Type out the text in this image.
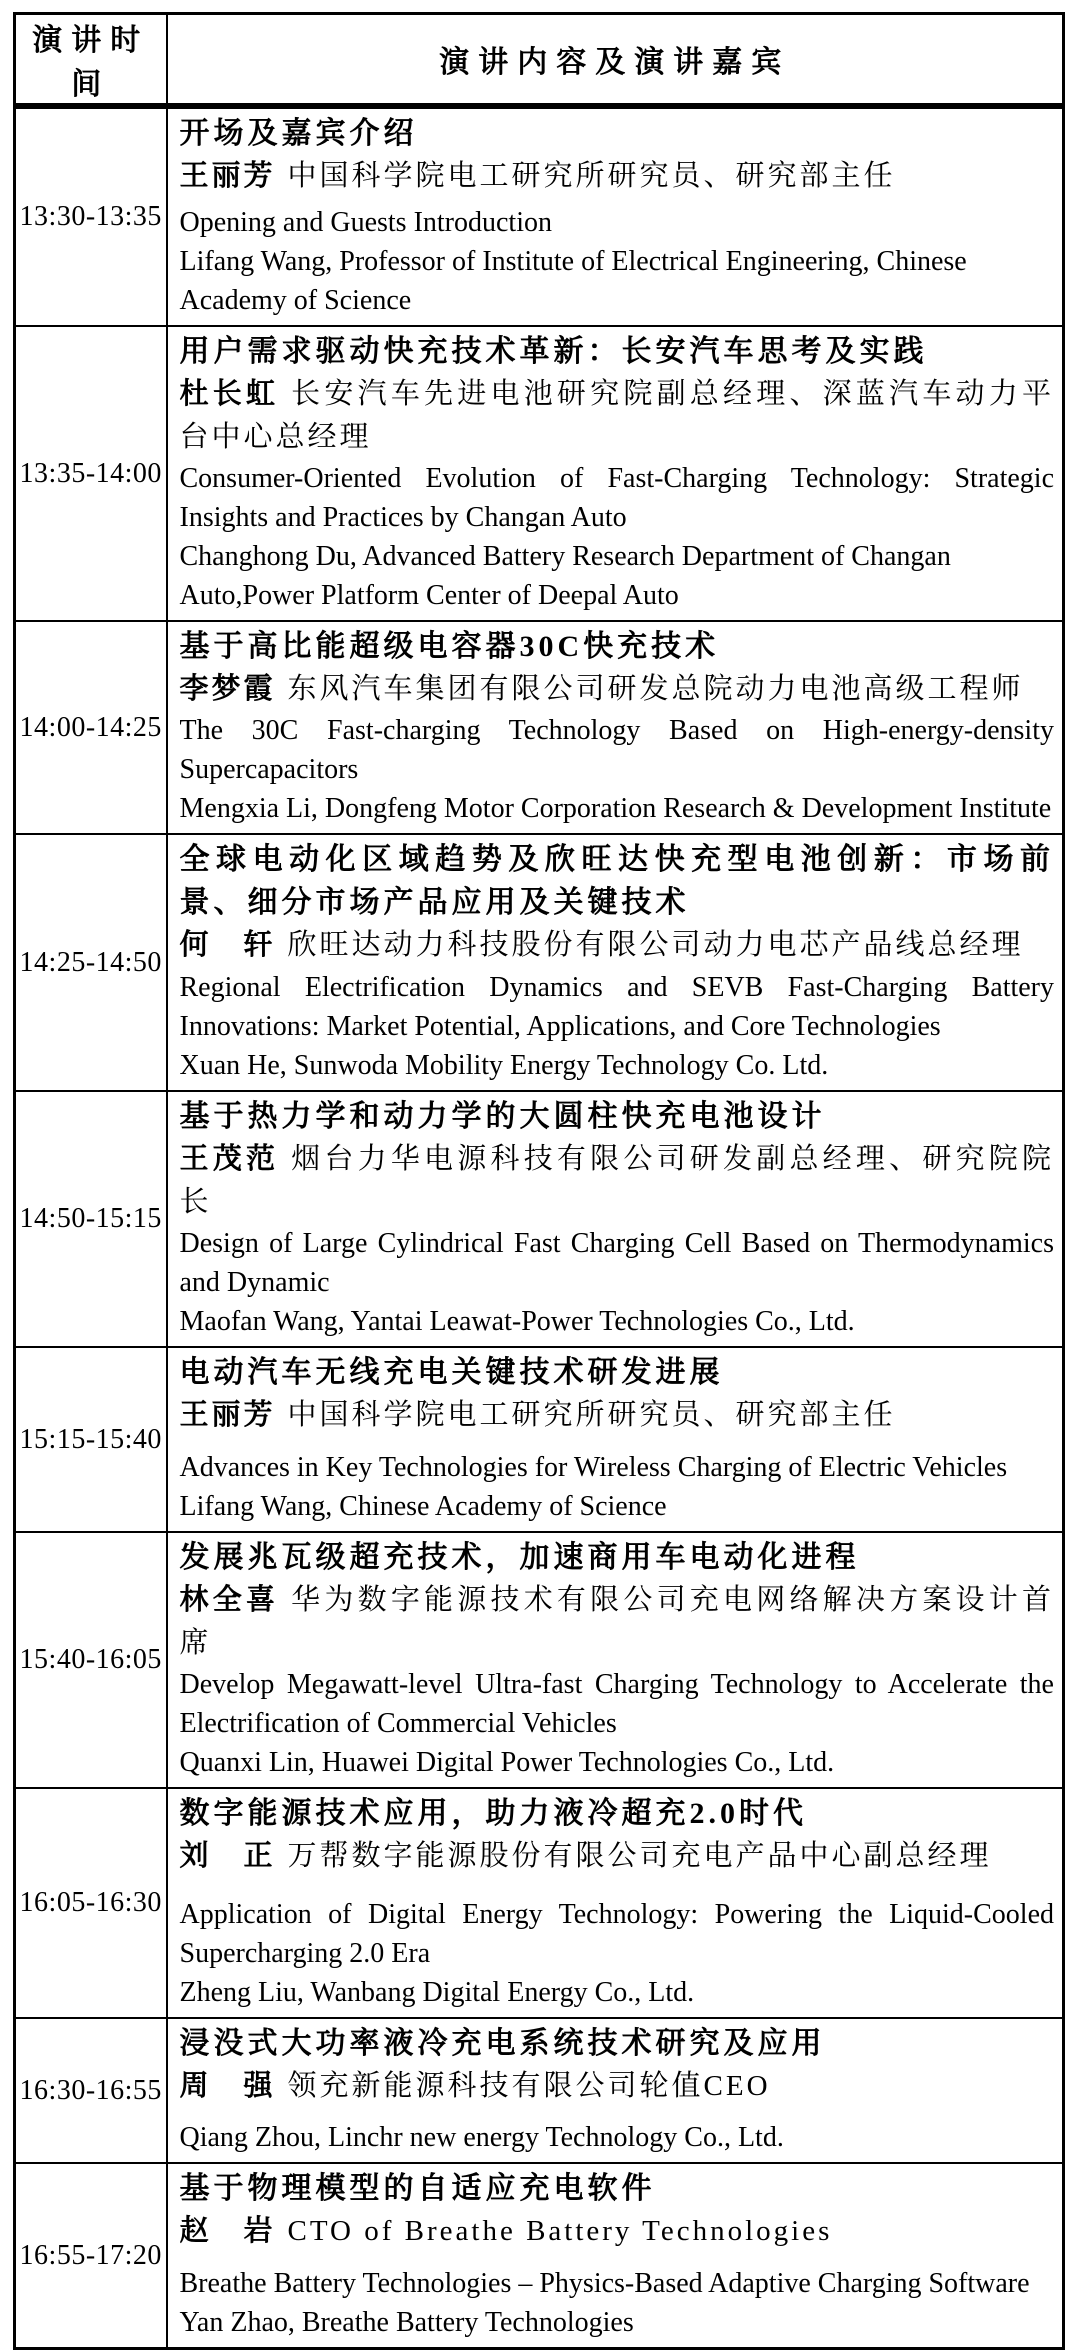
演讲时间	演讲内容及演讲嘉宾
13:30-13:35	开场及嘉宾介绍

王丽芳 中国科学院电工研究所研究员、研究部主任

Opening and Guests Introduction

Lifang Wang, Professor of Institute of Electrical Engineering, Chinese Academy of Science

13:35-14:00	用户需求驱动快充技术革新：长安汽车思考及实践

杜长虹 长安汽车先进电池研究院副总经理、深蓝汽车动力平台中心总经理

Consumer-Oriented Evolution of Fast-Charging Technology: Strategic Insights and Practices by Changan Auto

Changhong Du, Advanced Battery Research Department of Changan Auto,Power Platform Center of Deepal Auto

14:00-14:25	基于高比能超级电容器30C快充技术

李梦霞 东风汽车集团有限公司研发总院动力电池高级工程师

The 30C Fast-charging Technology Based on High-energy-density Supercapacitors

Mengxia Li, Dongfeng Motor Corporation Research & Development Institute

14:25-14:50	全球电动化区域趋势及欣旺达快充型电池创新：市场前景、细分市场产品应用及关键技术

何　轩 欣旺达动力科技股份有限公司动力电芯产品线总经理

Regional Electrification Dynamics and SEVB Fast-Charging Battery Innovations: Market Potential, Applications, and Core Technologies

Xuan He, Sunwoda Mobility Energy Technology Co. Ltd.

14:50-15:15	基于热力学和动力学的大圆柱快充电池设计

王茂范 烟台力华电源科技有限公司研发副总经理、研究院院长

Design of Large Cylindrical Fast Charging Cell Based on Thermodynamics and Dynamic

Maofan Wang, Yantai Leawat-Power Technologies Co., Ltd.

15:15-15:40	电动汽车无线充电关键技术研发进展

王丽芳 中国科学院电工研究所研究员、研究部主任

Advances in Key Technologies for Wireless Charging of Electric Vehicles

Lifang Wang, Chinese Academy of Science

15:40-16:05	发展兆瓦级超充技术，加速商用车电动化进程

林全喜 华为数字能源技术有限公司充电网络解决方案设计首席

Develop Megawatt-level Ultra-fast Charging Technology to Accelerate the Electrification of Commercial Vehicles

Quanxi Lin, Huawei Digital Power Technologies Co., Ltd.

16:05-16:30	数字能源技术应用，助力液冷超充2.0时代

刘　正 万帮数字能源股份有限公司充电产品中心副总经理

Application of Digital Energy Technology: Powering the Liquid-Cooled Supercharging 2.0 Era

Zheng Liu, Wanbang Digital Energy Co., Ltd.

16:30-16:55	浸没式大功率液冷充电系统技术研究及应用

周　强 领充新能源科技有限公司轮值CEO

Qiang Zhou, Linchr new energy Technology Co., Ltd.

16:55-17:20	基于物理模型的自适应充电软件

赵　岩 CTO of Breathe Battery Technologies

Breathe Battery Technologies – Physics-Based Adaptive Charging Software

Yan Zhao, Breathe Battery Technologies
